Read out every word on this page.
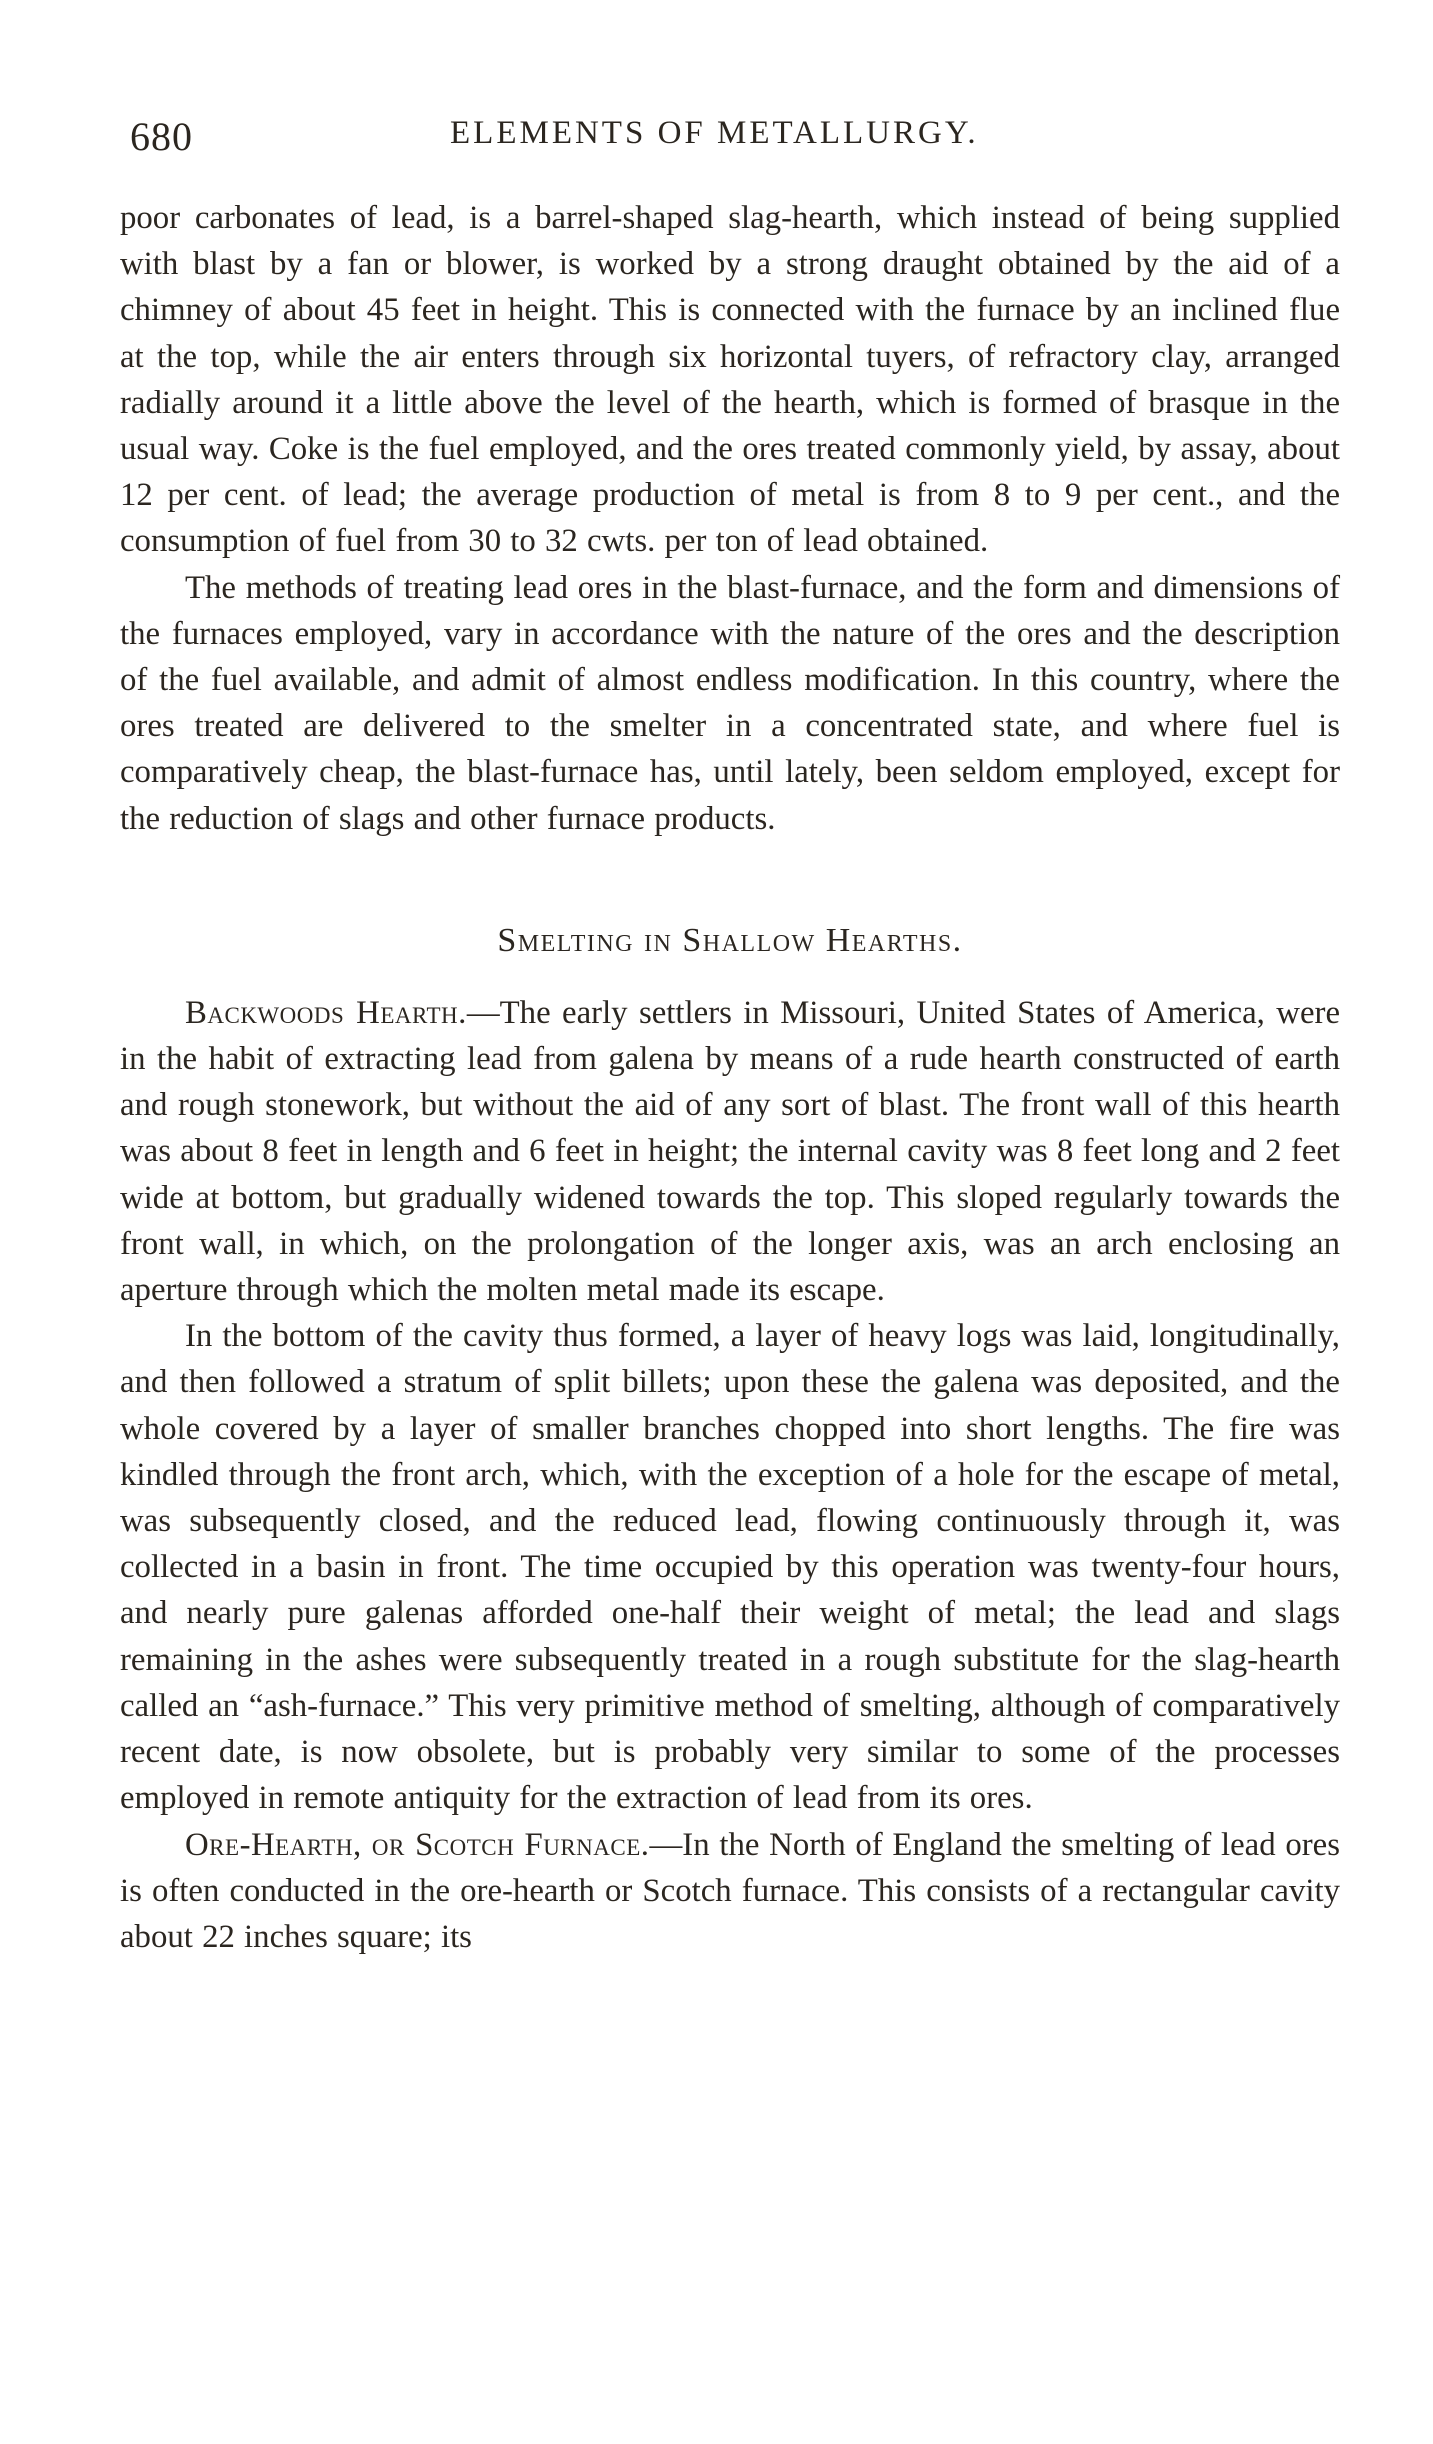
680	ELEMENTS OF METALLURGY.

poor carbonates of lead, is a barrel-shaped slag-hearth, which instead of being supplied with blast by a fan or blower, is worked by a strong draught obtained by the aid of a chimney of about 45 feet in height. This is connected with the furnace by an inclined flue at the top, while the air enters through six horizontal tuyers, of refractory clay, arranged radially around it a little above the level of the hearth, which is formed of brasque in the usual way. Coke is the fuel employed, and the ores treated commonly yield, by assay, about 12 per cent. of lead; the average production of metal is from 8 to 9 per cent., and the consumption of fuel from 30 to 32 cwts. per ton of lead obtained.

The methods of treating lead ores in the blast-furnace, and the form and dimensions of the furnaces employed, vary in accordance with the nature of the ores and the description of the fuel available, and admit of almost endless modification. In this country, where the ores treated are delivered to the smelter in a concentrated state, and where fuel is comparatively cheap, the blast-furnace has, until lately, been seldom employed, except for the reduction of slags and other furnace products.

Smelting in Shallow Hearths.

Backwoods Hearth.—The early settlers in Missouri, United States of America, were in the habit of extracting lead from galena by means of a rude hearth constructed of earth and rough stonework, but without the aid of any sort of blast. The front wall of this hearth was about 8 feet in length and 6 feet in height; the internal cavity was 8 feet long and 2 feet wide at bottom, but gradually widened towards the top. This sloped regularly towards the front wall, in which, on the prolongation of the longer axis, was an arch enclosing an aperture through which the molten metal made its escape.

In the bottom of the cavity thus formed, a layer of heavy logs was laid, longitudinally, and then followed a stratum of split billets; upon these the galena was deposited, and the whole covered by a layer of smaller branches chopped into short lengths. The fire was kindled through the front arch, which, with the exception of a hole for the escape of metal, was subsequently closed, and the reduced lead, flowing continuously through it, was collected in a basin in front. The time occupied by this operation was twenty-four hours, and nearly pure galenas afforded one-half their weight of metal; the lead and slags remaining in the ashes were subsequently treated in a rough substitute for the slag-hearth called an “ash-furnace.” This very primitive method of smelting, although of comparatively recent date, is now obsolete, but is probably very similar to some of the processes employed in remote antiquity for the extraction of lead from its ores.

Ore-Hearth, or Scotch Furnace.—In the North of England the smelting of lead ores is often conducted in the ore-hearth or Scotch furnace. This consists of a rectangular cavity about 22 inches square; its
